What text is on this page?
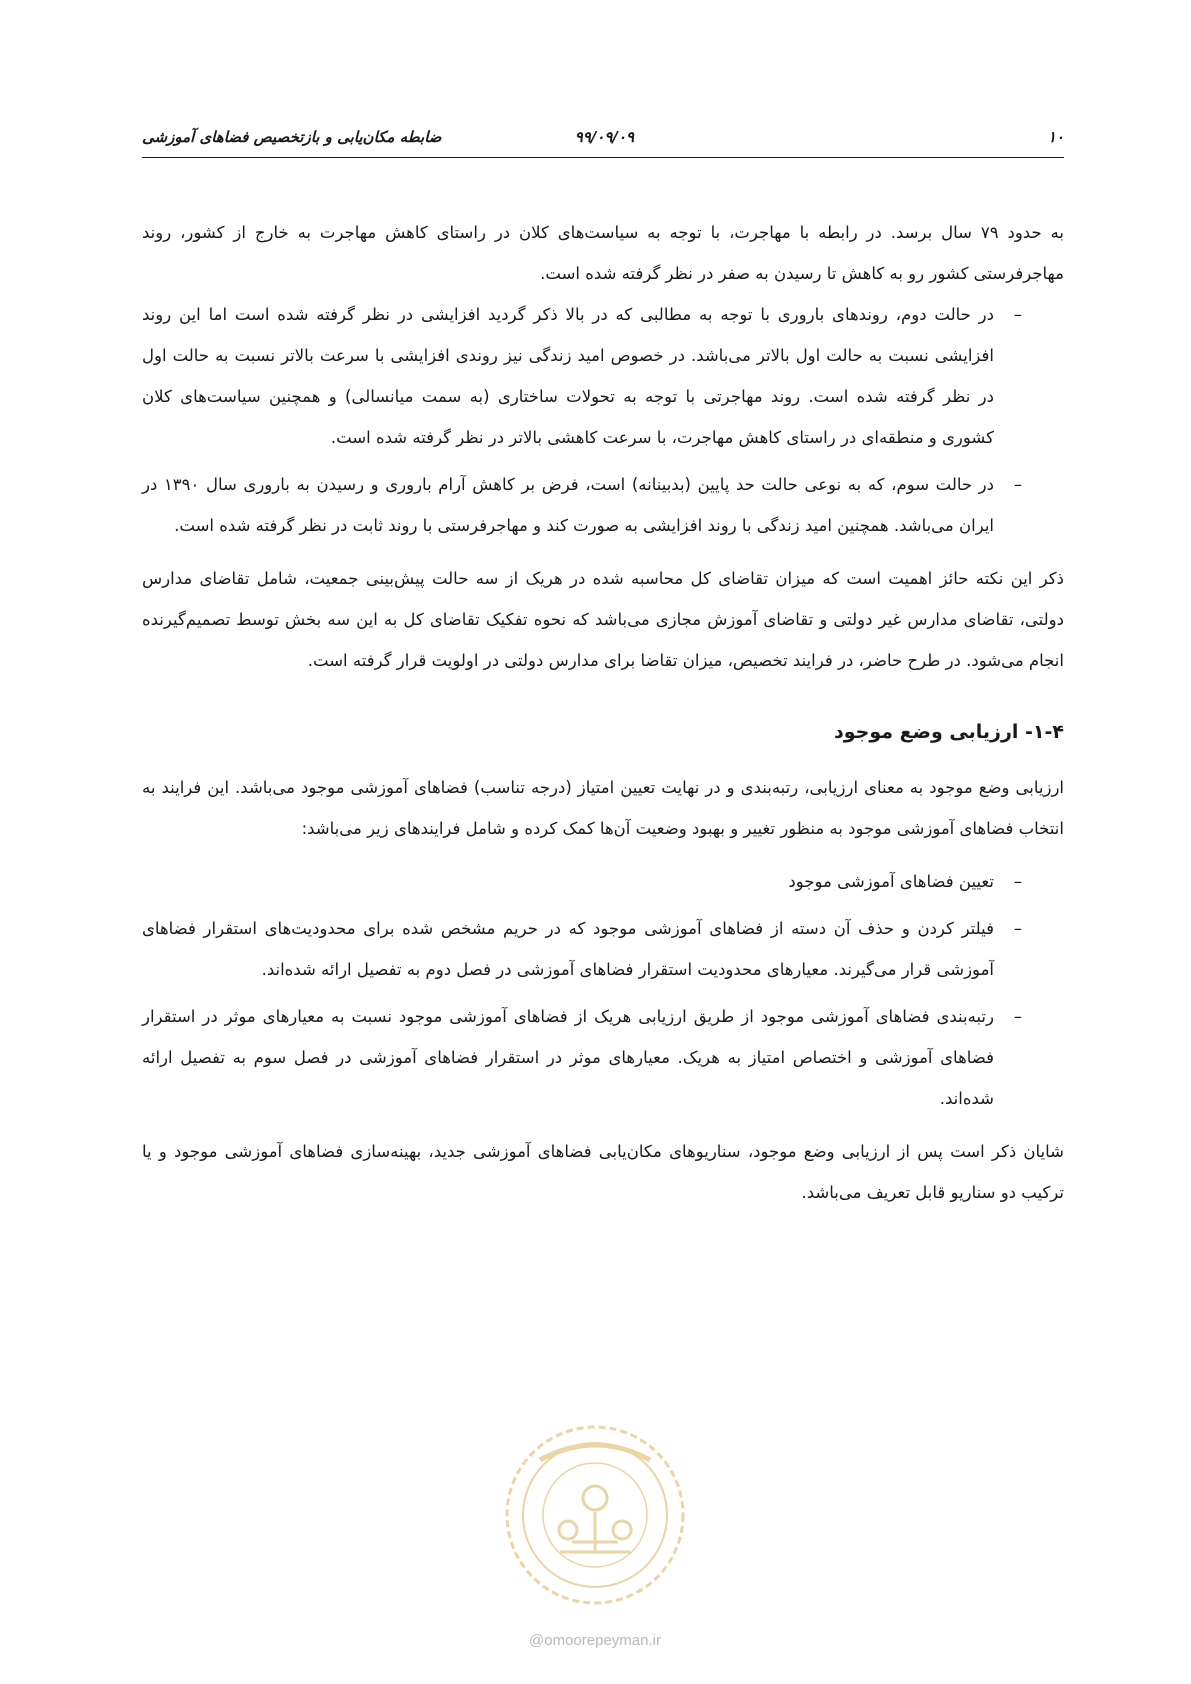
۱۰
۹۹/۰۹/۰۹
ضابطه مکان‌یابی و بازتخصیص فضاهای آموزشی

به حدود ۷۹ سال برسد. در رابطه با مهاجرت، با توجه به سیاست‌های کلان در راستای کاهش مهاجرت به خارج از کشور، روند مهاجرفرستی کشور رو به کاهش تا رسیدن به صفر در نظر گرفته شده است.

–
در حالت دوم، روندهای باروری با توجه به مطالبی که در بالا ذکر گردید افزایشی در نظر گرفته شده است اما این روند افزایشی نسبت به حالت اول بالاتر می‌باشد. در خصوص امید زندگی نیز روندی افزایشی با سرعت بالاتر نسبت به حالت اول در نظر گرفته شده است. روند مهاجرتی با توجه به تحولات ساختاری (به سمت میانسالی) و همچنین سیاست‌های کلان کشوری و منطقه‌ای در راستای کاهش مهاجرت، با سرعت کاهشی بالاتر در نظر گرفته شده است.
–
در حالت سوم، که به نوعی حالت حد پایین (بدبینانه) است، فرض بر کاهش آرام باروری و رسیدن به باروری سال ۱۳۹۰ در ایران می‌باشد. همچنین امید زندگی با روند افزایشی به صورت کند و مهاجرفرستی با روند ثابت در نظر گرفته شده است.

ذکر این نکته حائز اهمیت است که میزان تقاضای کل محاسبه شده در هریک از سه حالت پیش‌بینی جمعیت، شامل تقاضای مدارس دولتی، تقاضای مدارس غیر دولتی و تقاضای آموزش مجازی می‌باشد که نحوه تفکیک تقاضای کل به این سه بخش توسط تصمیم‌گیرنده انجام می‌شود. در طرح حاضر، در فرایند تخصیص، میزان تقاضا برای مدارس دولتی در اولویت قرار گرفته است.

۱-۴- ارزیابی وضع موجود

ارزیابی وضع موجود به معنای ارزیابی، رتبه‌بندی و در نهایت تعیین امتیاز (درجه تناسب) فضاهای آموزشی موجود می‌باشد. این فرایند به انتخاب فضاهای آموزشی موجود به منظور تغییر و بهبود وضعیت آن‌ها کمک کرده و شامل فرایندهای زیر می‌باشد:

–
تعیین فضاهای آموزشی موجود
–
فیلتر کردن و حذف آن دسته از فضاهای آموزشی موجود که در حریم مشخص شده برای محدودیت‌های استقرار فضاهای آموزشی قرار می‌گیرند. معیارهای محدودیت استقرار فضاهای آموزشی در فصل دوم به تفصیل ارائه شده‌اند.
–
رتبه‌بندی فضاهای آموزشی موجود از طریق ارزیابی هریک از فضاهای آموزشی موجود نسبت به معیارهای موثر در استقرار فضاهای آموزشی و اختصاص امتیاز به هریک. معیارهای موثر در استقرار فضاهای آموزشی در فصل سوم به تفصیل ارائه شده‌اند.

شایان ذکر است پس از ارزیابی وضع موجود، سناریوهای مکان‌یابی فضاهای آموزشی جدید، بهینه‌سازی فضاهای آموزشی موجود و یا ترکیب دو سناریو قابل تعریف می‌باشد.

@omoorepeyman.ir
